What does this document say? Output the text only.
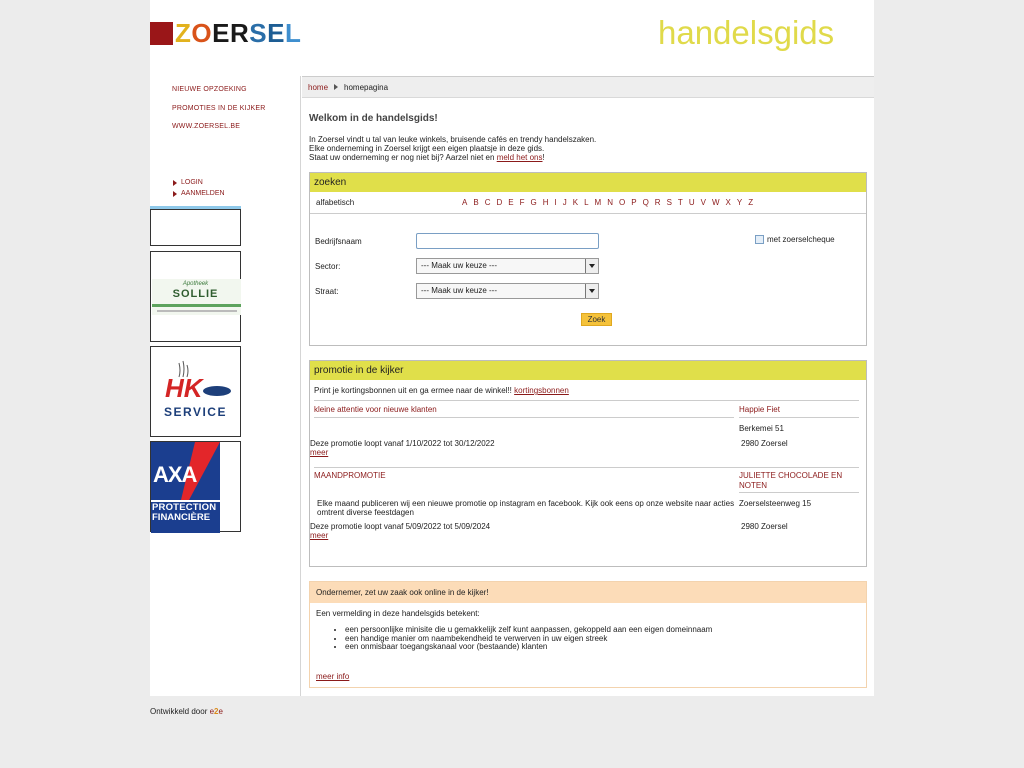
ZOERSEL	handelsgids
NIEUWE OPZOEKING
PROMOTIES IN DE KIJKER
WWW.ZOERSEL.BE
LOGIN
AANMELDEN
Apotheek
SOLLIE
HK
SERVICE
AXA
PROTECTION
FINANCIÈRE
home homepagina
Welkom in de handelsgids!

In Zoersel vindt u tal van leuke winkels, bruisende cafés en trendy handelszaken.

Elke onderneming in Zoersel krijgt een eigen plaatsje in deze gids.

Staat uw onderneming er nog niet bij? Aarzel niet en meld het ons!

zoeken
alfabetisch	A B C D E F G H I J K L M N O P Q R S T U V W X Y Z
Bedrijfsnaam
Sector:	--- Maak uw keuze ---
Straat:	--- Maak uw keuze ---
met zoerselcheque
Zoek
promotie in de kijker
Print je kortingsbonnen uit en ga ermee naar de winkel!! kortingsbonnen
kleine attentie voor nieuwe klanten	Happie Fiet
Berkemei 51
2980 Zoersel
Deze promotie loopt vanaf 1/10/2022 tot 30/12/2022
meer
MAANDPROMOTIE	JULIETTE CHOCOLADE EN NOTEN
Elke maand publiceren wij een nieuwe promotie op instagram en facebook. Kijk ook eens op onze website naar acties omtrent diverse feestdagen
Zoerselsteenweg 15
2980 Zoersel
Deze promotie loopt vanaf 5/09/2022 tot 5/09/2024
meer
Ondernemer, zet uw zaak ook online in de kijker!
Een vermelding in deze handelsgids betekent:
• een persoonlijke minisite die u gemakkelijk zelf kunt aanpassen, gekoppeld aan een eigen domeinnaam
• een handige manier om naambekendheid te verwerven in uw eigen streek
• een onmisbaar toegangskanaal voor (bestaande) klanten
meer info
Ontwikkeld door e2e
